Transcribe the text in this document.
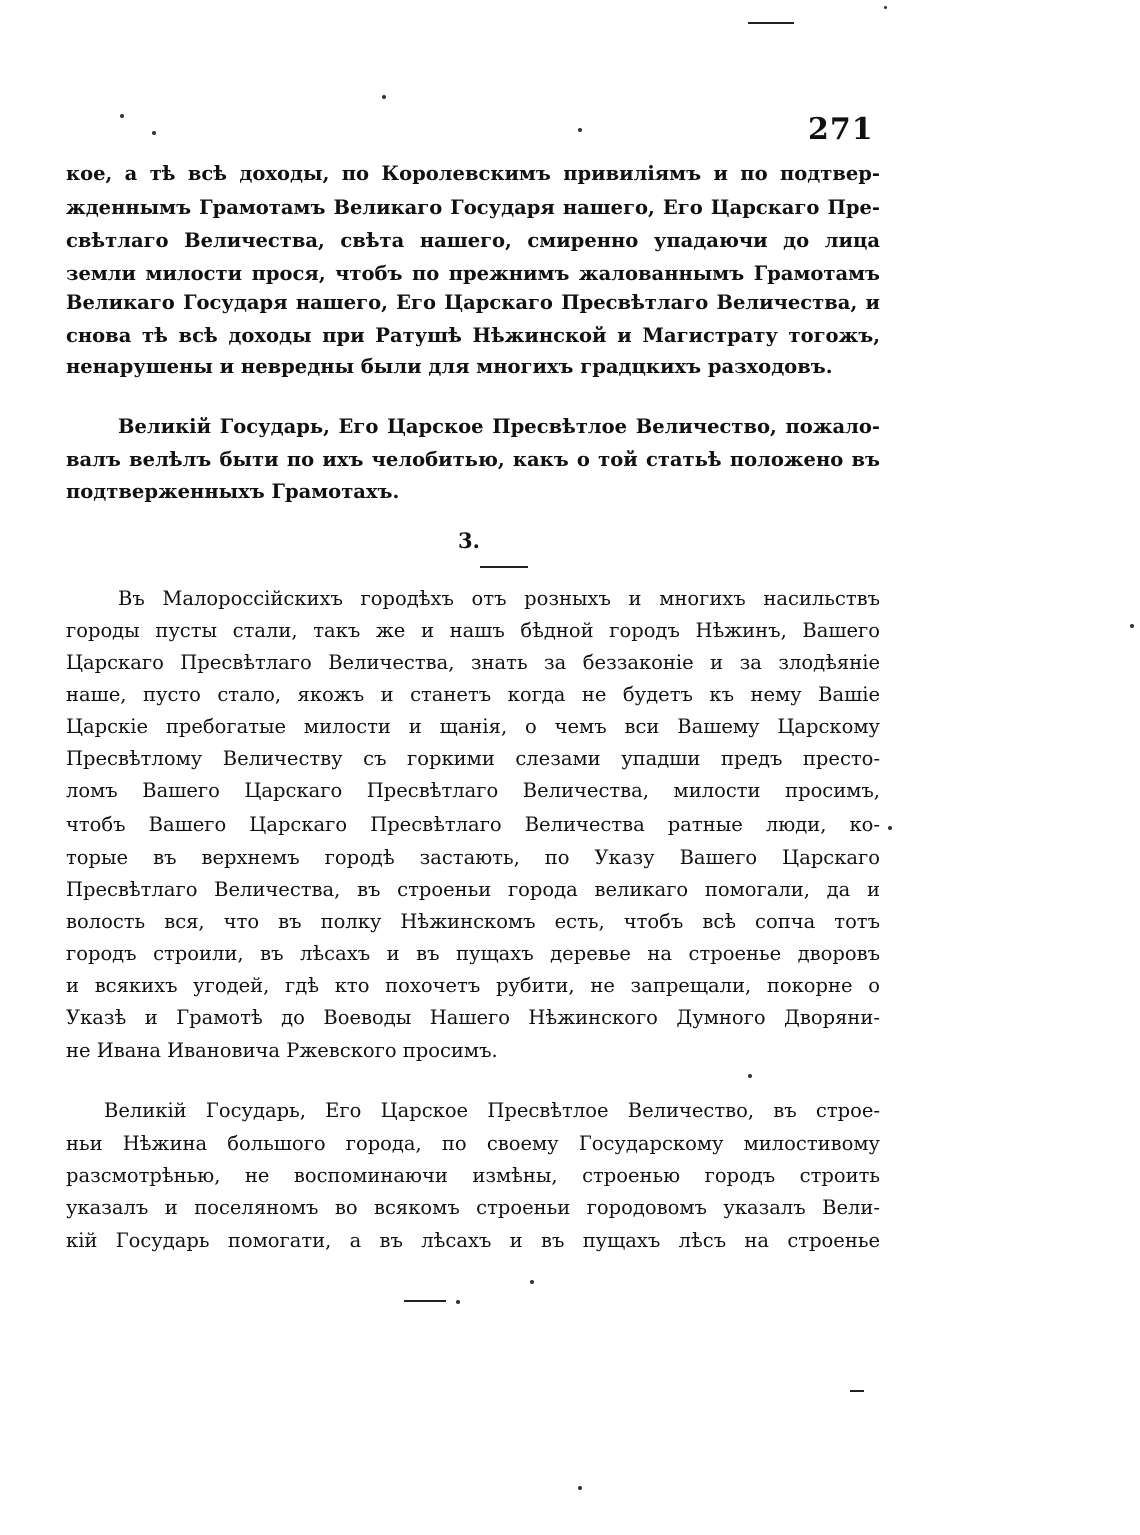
271
кое, а тѣ всѣ доходы, по Королевскимъ привиліямъ и по подтвер-
жденнымъ Грамотамъ Великаго Государя нашего, Его Царскаго Пре-
свѣтлаго Величества, свѣта нашего, смиренно упадаючи до лица
земли милости прося, чтобъ по прежнимъ жалованнымъ Грамотамъ
Великаго Государя нашего, Его Царскаго Пресвѣтлаго Величества, и
снова тѣ всѣ доходы при Ратушѣ Нѣжинской и Магистрату тогожъ,
ненарушены и невредны были для многихъ градцкихъ разходовъ.
Великій Государь, Его Царское Пресвѣтлое Величество, пожало-
валъ велѣлъ быти по ихъ челобитью, какъ о той статьѣ положено въ
подтверженныхъ Грамотахъ.
3.
Въ Малороссійскихъ городѣхъ отъ розныхъ и многихъ насильствъ
городы пусты стали, такъ же и нашъ бѣдной городъ Нѣжинъ, Вашего
Царскаго Пресвѣтлаго Величества, знать за беззаконіе и за злодѣяніе
наше, пусто стало, якожъ и станетъ когда не будетъ къ нему Вашіе
Царскіе пребогатые милости и щанія, о чемъ вси Вашему Царскому
Пресвѣтлому Величеству съ горкими слезами упадши предъ престо-
ломъ Вашего Царскаго Пресвѣтлаго Величества, милости просимъ,
чтобъ Вашего Царскаго Пресвѣтлаго Величества ратные люди, ко-
торые въ верхнемъ городѣ застають, по Указу Вашего Царскаго
Пресвѣтлаго Величества, въ строеньи города великаго помогали, да и
волость вся, что въ полку Нѣжинскомъ есть, чтобъ всѣ сопча тотъ
городъ строили, въ лѣсахъ и въ пущахъ деревье на строенье дворовъ
и всякихъ угодей, гдѣ кто похочетъ рубити, не запрещали, покорне о
Указѣ и Грамотѣ до Воеводы Нашего Нѣжинского Думного Дворяни-
не Ивана Ивановича Ржевского просимъ.
Великій Государь, Его Царское Пресвѣтлое Величество, въ строе-
ньи Нѣжина большого города, по своему Государскому милостивому
разсмотрѣнью, не воспоминаючи измѣны, строенью городъ строить
указалъ и поселяномъ во всякомъ строеньи городовомъ указалъ Вели-
кій Государь помогати, а въ лѣсахъ и въ пущахъ лѣсъ на строенье
